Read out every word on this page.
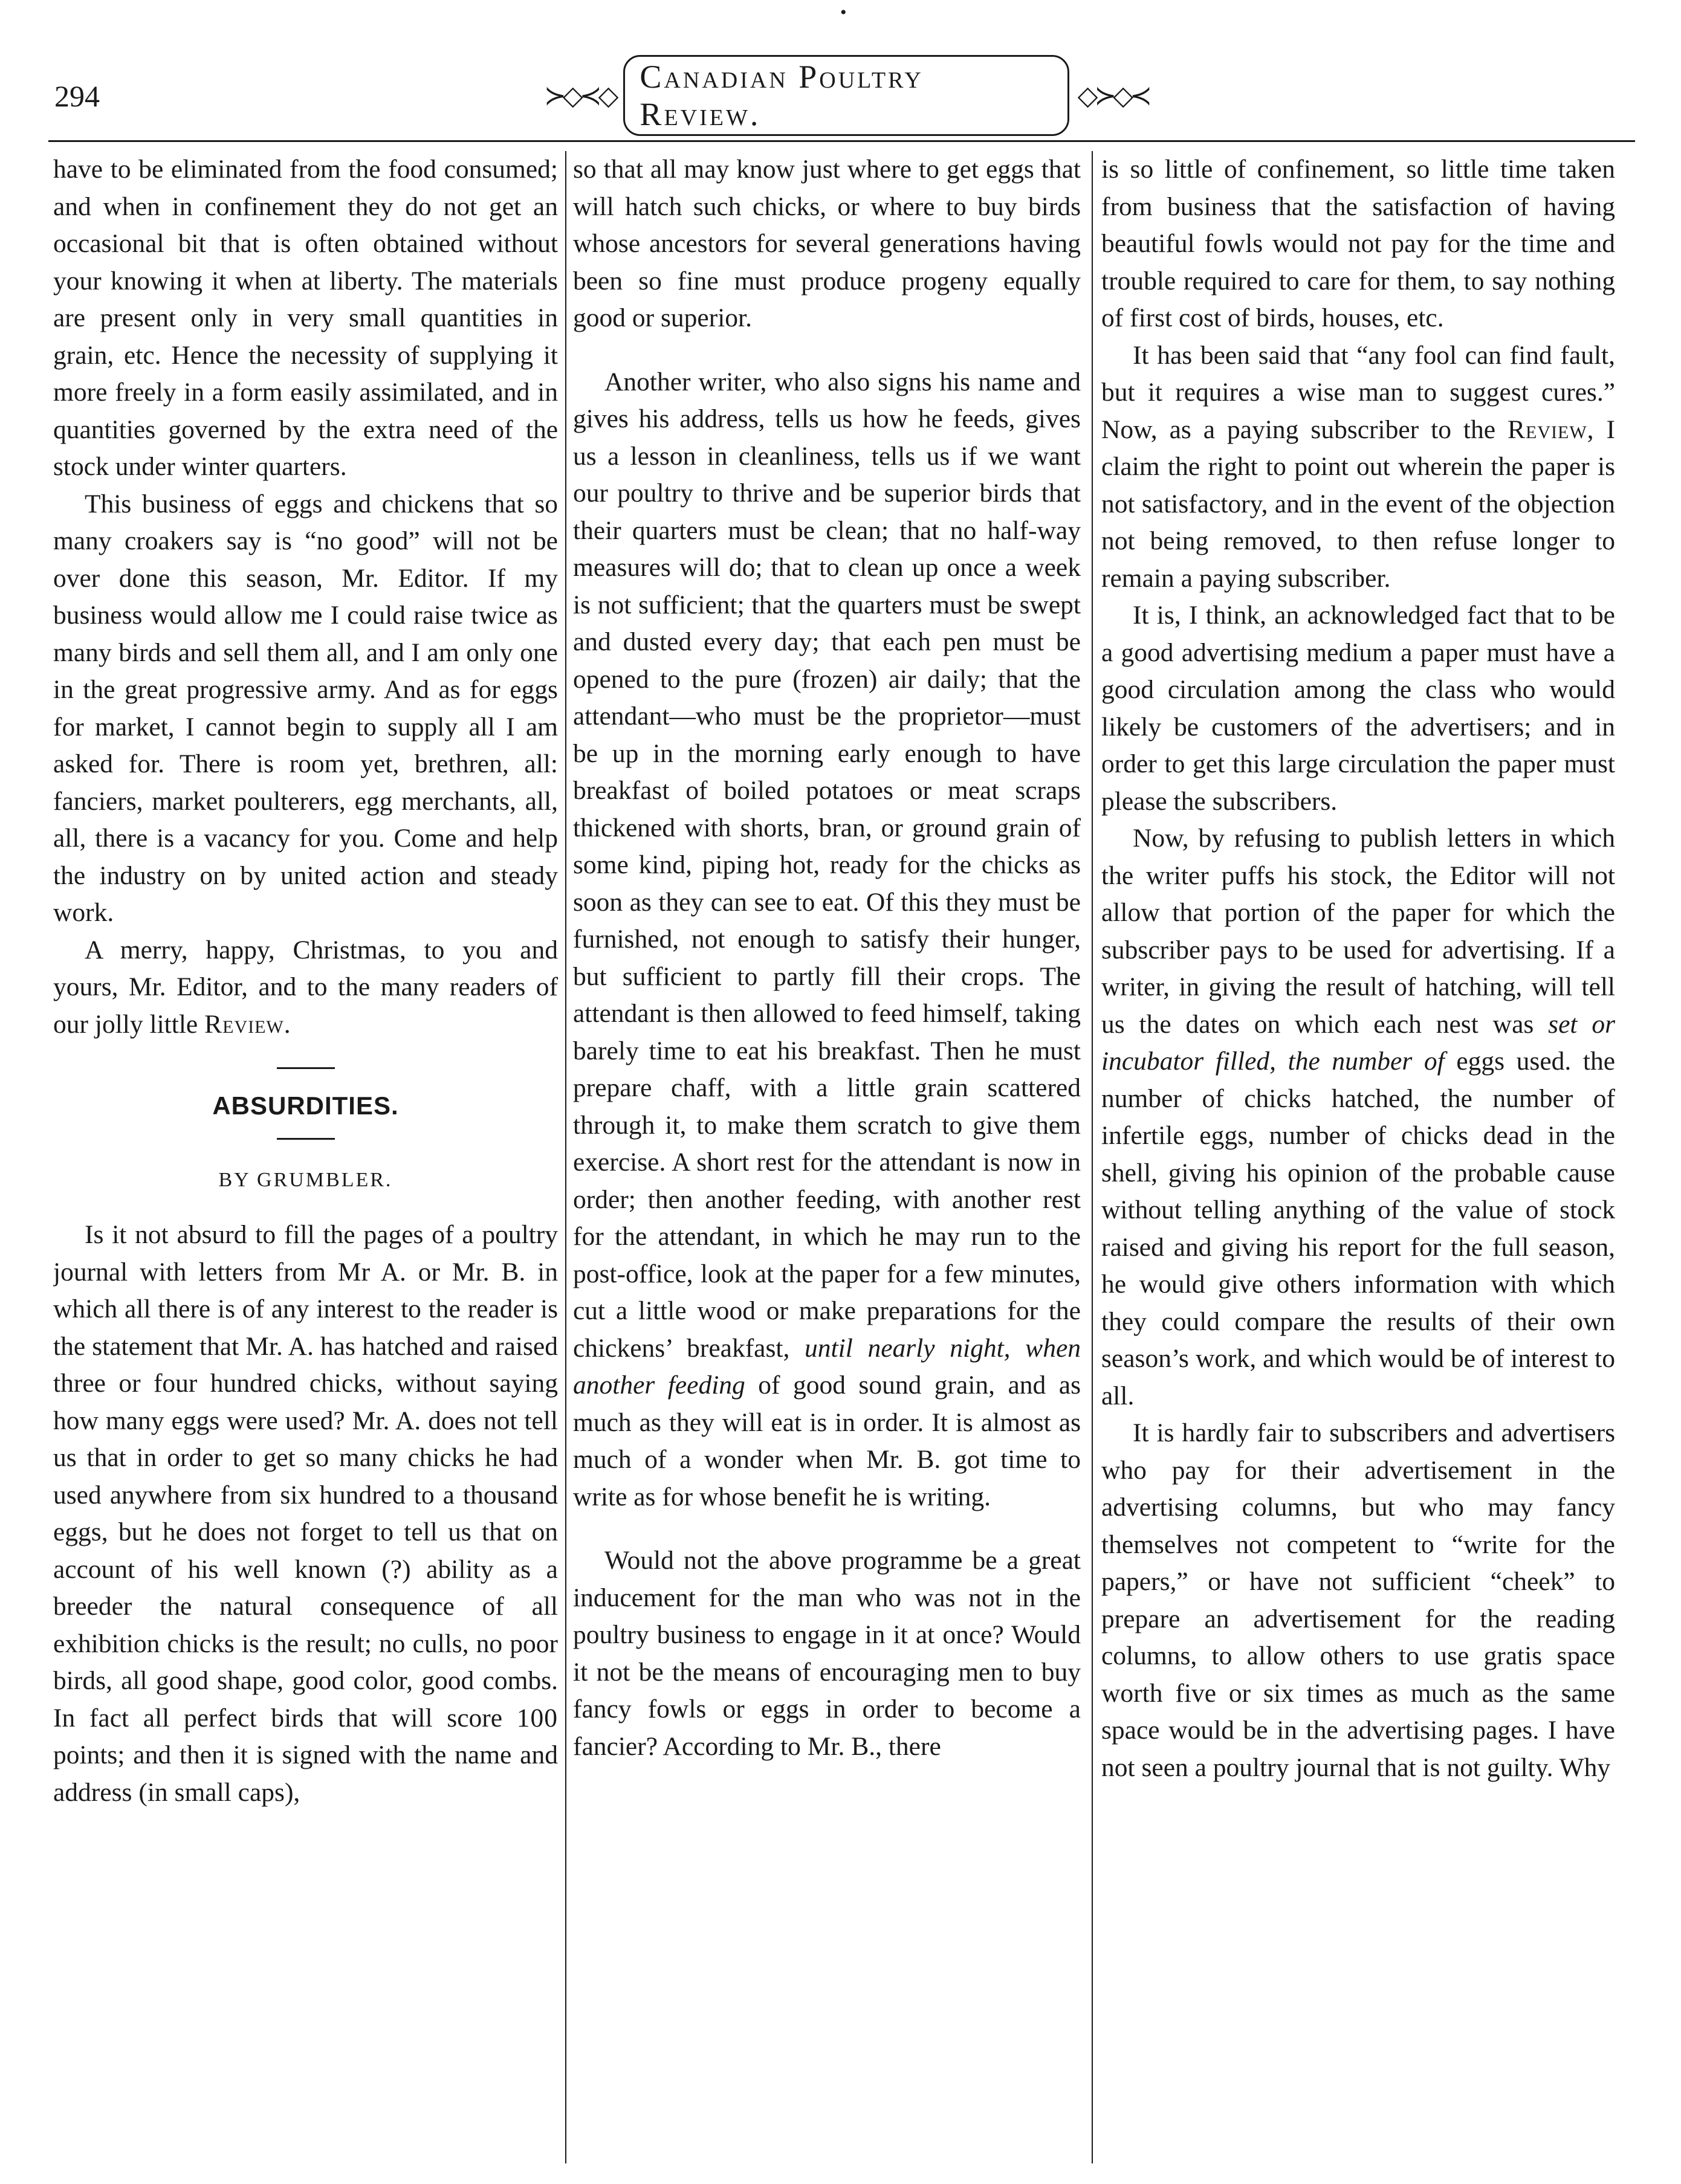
•
294	≻◇≺◇
Canadian Poultry Review.
◇≻◇≺

have to be eliminated from the food consumed; and when in confinement they do not get an occasional bit that is often obtained without your knowing it when at liberty. The materials are present only in very small quantities in grain, etc. Hence the necessity of supplying it more freely in a form easily assimilated, and in quantities governed by the extra need of the stock under winter quarters.

This business of eggs and chickens that so many croakers say is “no good” will not be over done this season, Mr. Editor. If my business would allow me I could raise twice as many birds and sell them all, and I am only one in the great progressive army. And as for eggs for market, I cannot begin to supply all I am asked for. There is room yet, brethren, all: fanciers, market poulterers, egg merchants, all, all, there is a vacancy for you. Come and help the industry on by united action and steady work.

A merry, happy, Christmas, to you and yours, Mr. Editor, and to the many readers of our jolly little Review.

ABSURDITIES.
BY GRUMBLER.

Is it not absurd to fill the pages of a poultry journal with letters from Mr A. or Mr. B. in which all there is of any interest to the reader is the statement that Mr. A. has hatched and raised three or four hundred chicks, without saying how many eggs were used? Mr. A. does not tell us that in order to get so many chicks he had used anywhere from six hundred to a thousand eggs, but he does not forget to tell us that on account of his well known (?) ability as a breeder the natural consequence of all exhibition chicks is the result; no culls, no poor birds, all good shape, good color, good combs. In fact all perfect birds that will score 100 points; and then it is signed with the name and address (in small caps),

so that all may know just where to get eggs that will hatch such chicks, or where to buy birds whose ancestors for several generations having been so fine must produce progeny equally good or superior.

Another writer, who also signs his name and gives his address, tells us how he feeds, gives us a lesson in cleanliness, tells us if we want our poultry to thrive and be superior birds that their quarters must be clean; that no half-way measures will do; that to clean up once a week is not sufficient; that the quarters must be swept and dusted every day; that each pen must be opened to the pure (frozen) air daily; that the attendant—who must be the proprietor—must be up in the morning early enough to have breakfast of boiled potatoes or meat scraps thickened with shorts, bran, or ground grain of some kind, piping hot, ready for the chicks as soon as they can see to eat. Of this they must be furnished, not enough to satisfy their hunger, but sufficient to partly fill their crops. The attendant is then allowed to feed himself, taking barely time to eat his breakfast. Then he must prepare chaff, with a little grain scattered through it, to make them scratch to give them exercise. A short rest for the attendant is now in order; then another feeding, with another rest for the attendant, in which he may run to the post-office, look at the paper for a few minutes, cut a little wood or make preparations for the chickens’ breakfast, until nearly night, when another feeding of good sound grain, and as much as they will eat is in order. It is almost as much of a wonder when Mr. B. got time to write as for whose benefit he is writing.

Would not the above programme be a great inducement for the man who was not in the poultry business to engage in it at once? Would it not be the means of encouraging men to buy fancy fowls or eggs in order to become a fancier? According to Mr. B., there

is so little of confinement, so little time taken from business that the satisfaction of having beautiful fowls would not pay for the time and trouble required to care for them, to say nothing of first cost of birds, houses, etc.

It has been said that “any fool can find fault, but it requires a wise man to suggest cures.” Now, as a paying subscriber to the Review, I claim the right to point out wherein the paper is not satisfactory, and in the event of the objection not being removed, to then refuse longer to remain a paying subscriber.

It is, I think, an acknowledged fact that to be a good advertising medium a paper must have a good circulation among the class who would likely be customers of the advertisers; and in order to get this large circulation the paper must please the subscribers.

Now, by refusing to publish letters in which the writer puffs his stock, the Editor will not allow that portion of the paper for which the subscriber pays to be used for advertising. If a writer, in giving the result of hatching, will tell us the dates on which each nest was set or incubator filled, the number of eggs used. the number of chicks hatched, the number of infertile eggs, number of chicks dead in the shell, giving his opinion of the probable cause without telling anything of the value of stock raised and giving his report for the full season, he would give others information with which they could compare the results of their own season’s work, and which would be of interest to all.

It is hardly fair to subscribers and advertisers who pay for their advertisement in the advertising columns, but who may fancy themselves not competent to “write for the papers,” or have not sufficient “cheek” to prepare an advertisement for the reading columns, to allow others to use gratis space worth five or six times as much as the same space would be in the advertising pages. I have not seen a poultry journal that is not guilty. Why
